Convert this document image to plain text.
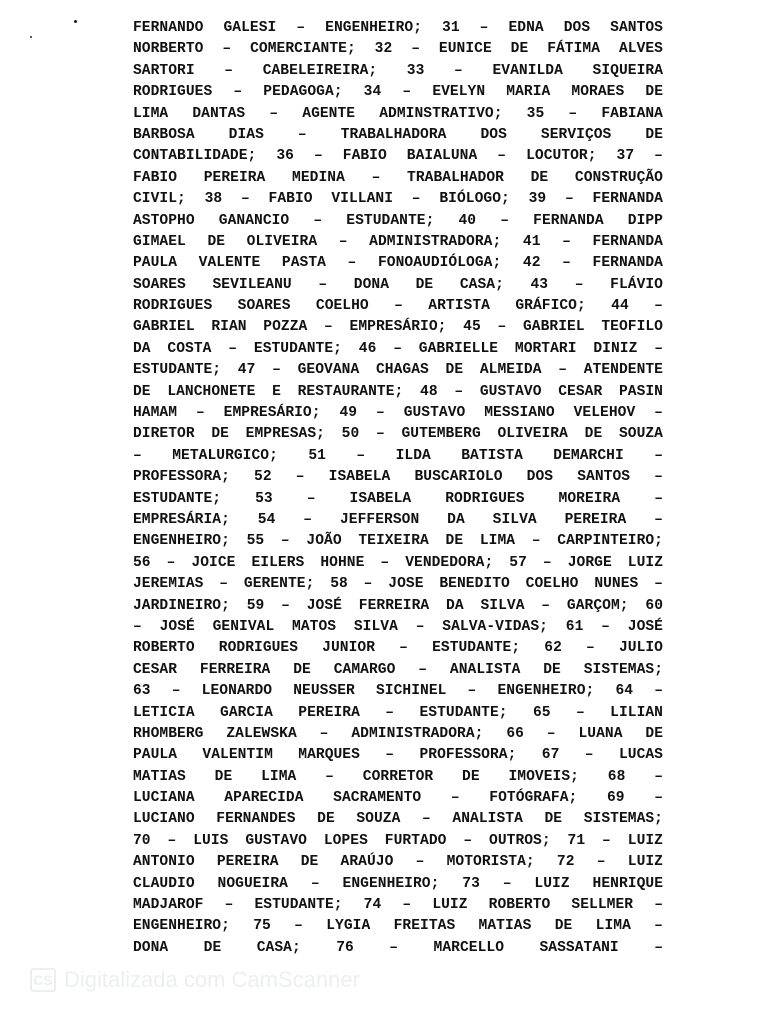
FERNANDO GALESI – ENGENHEIRO; 31 – EDNA DOS SANTOS
NORBERTO – COMERCIANTE; 32 – EUNICE DE FÁTIMA ALVES
SARTORI – CABELEIREIRA; 33 – EVANILDA SIQUEIRA
RODRIGUES – PEDAGOGA; 34 – EVELYN MARIA MORAES DE
LIMA DANTAS – AGENTE ADMINSTRATIVO; 35 – FABIANA
BARBOSA DIAS – TRABALHADORA DOS SERVIÇOS DE
CONTABILIDADE; 36 – FABIO BAIALUNA – LOCUTOR; 37 –
FABIO PEREIRA MEDINA – TRABALHADOR DE CONSTRUÇÃO
CIVIL; 38 – FABIO VILLANI – BIÓLOGO; 39 – FERNANDA
ASTOPHO GANANCIO – ESTUDANTE; 40 – FERNANDA DIPP
GIMAEL DE OLIVEIRA – ADMINISTRADORA; 41 – FERNANDA
PAULA VALENTE PASTA – FONOAUDIÓLOGA; 42 – FERNANDA
SOARES SEVILEANU – DONA DE CASA; 43 – FLÁVIO
RODRIGUES SOARES COELHO – ARTISTA GRÁFICO; 44 –
GABRIEL RIAN POZZA – EMPRESÁRIO; 45 – GABRIEL TEOFILO
DA COSTA – ESTUDANTE; 46 – GABRIELLE MORTARI DINIZ –
ESTUDANTE; 47 – GEOVANA CHAGAS DE ALMEIDA – ATENDENTE
DE LANCHONETE E RESTAURANTE; 48 – GUSTAVO CESAR PASIN
HAMAM – EMPRESÁRIO; 49 – GUSTAVO MESSIANO VELEHOV –
DIRETOR DE EMPRESAS; 50 – GUTEMBERG OLIVEIRA DE SOUZA
– METALURGICO; 51 – ILDA BATISTA DEMARCHI –
PROFESSORA; 52 – ISABELA BUSCARIOLO DOS SANTOS –
ESTUDANTE; 53 – ISABELA RODRIGUES MOREIRA –
EMPRESÁRIA; 54 – JEFFERSON DA SILVA PEREIRA –
ENGENHEIRO; 55 – JOÃO TEIXEIRA DE LIMA – CARPINTEIRO;
56 – JOICE EILERS HOHNE – VENDEDORA; 57 – JORGE LUIZ
JEREMIAS – GERENTE; 58 – JOSE BENEDITO COELHO NUNES –
JARDINEIRO; 59 – JOSÉ FERREIRA DA SILVA – GARÇOM; 60
– JOSÉ GENIVAL MATOS SILVA – SALVA-VIDAS; 61 – JOSÉ
ROBERTO RODRIGUES JUNIOR – ESTUDANTE; 62 – JULIO
CESAR FERREIRA DE CAMARGO – ANALISTA DE SISTEMAS;
63 – LEONARDO NEUSSER SICHINEL – ENGENHEIRO; 64 –
LETICIA GARCIA PEREIRA – ESTUDANTE; 65 – LILIAN
RHOMBERG ZALEWSKA – ADMINISTRADORA; 66 – LUANA DE
PAULA VALENTIM MARQUES – PROFESSORA; 67 – LUCAS
MATIAS DE LIMA – CORRETOR DE IMOVEIS; 68 –
LUCIANA APARECIDA SACRAMENTO – FOTÓGRAFA; 69 –
LUCIANO FERNANDES DE SOUZA – ANALISTA DE SISTEMAS;
70 – LUIS GUSTAVO LOPES FURTADO – OUTROS; 71 – LUIZ
ANTONIO PEREIRA DE ARAÚJO – MOTORISTA; 72 – LUIZ
CLAUDIO NOGUEIRA – ENGENHEIRO; 73 – LUIZ HENRIQUE
MADJAROF – ESTUDANTE; 74 – LUIZ ROBERTO SELLMER –
ENGENHEIRO; 75 – LYGIA FREITAS MATIAS DE LIMA –
DONA DE CASA; 76 – MARCELLO SASSATANI –
CS Digitalizada com CamScanner
